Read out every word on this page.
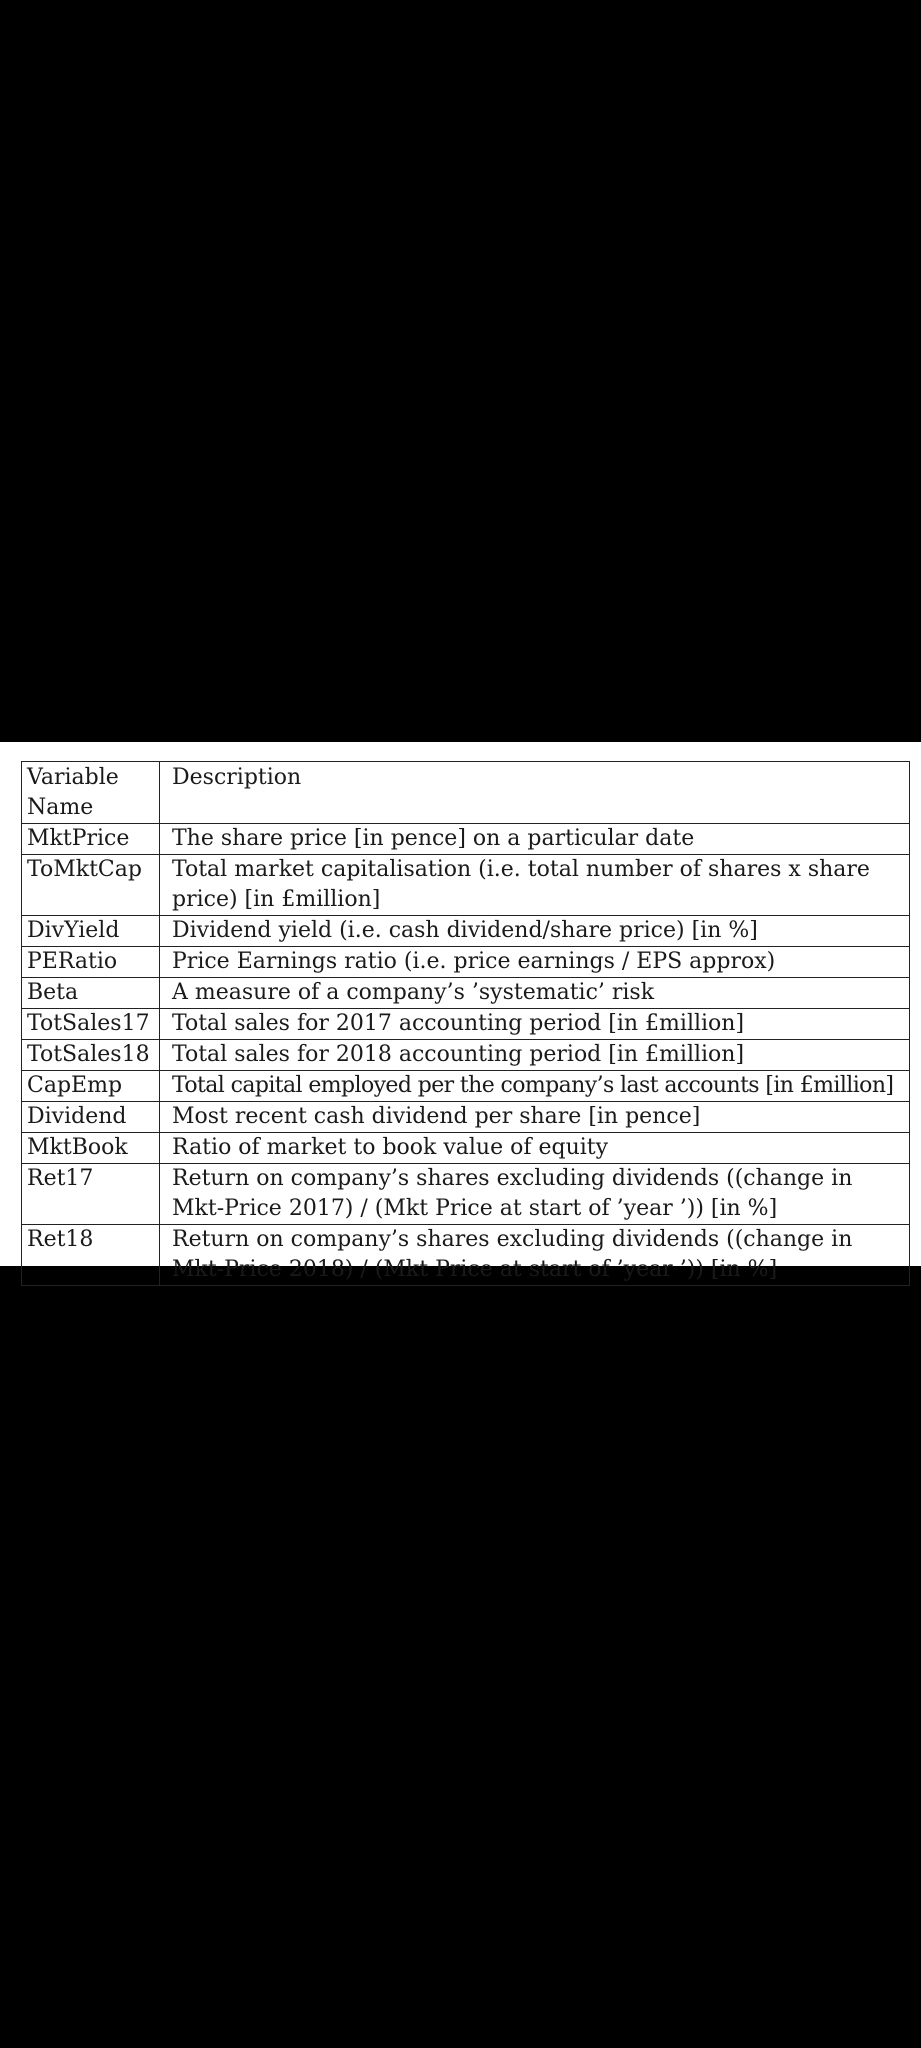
Variable Name	Description
MktPrice	The share price [in pence] on a particular date
ToMktCap	Total market capitalisation (i.e. total number of shares x share price) [in £million]
DivYield	Dividend yield (i.e. cash dividend/share price) [in %]
PERatio	Price Earnings ratio (i.e. price earnings / EPS approx)
Beta	A measure of a company’s ’systematic’ risk
TotSales17	Total sales for 2017 accounting period [in £million]
TotSales18	Total sales for 2018 accounting period [in £million]
CapEmp	Total capital employed per the company’s last accounts [in £million]
Dividend	Most recent cash dividend per share [in pence]
MktBook	Ratio of market to book value of equity
Ret17	Return on company’s shares excluding dividends ((change in Mkt-Price 2017) / (Mkt Price at start of ’year ’)) [in %]
Ret18	Return on company’s shares excluding dividends ((change in Mkt-Price 2018) / (Mkt Price at start of ’year ’)) [in %]
